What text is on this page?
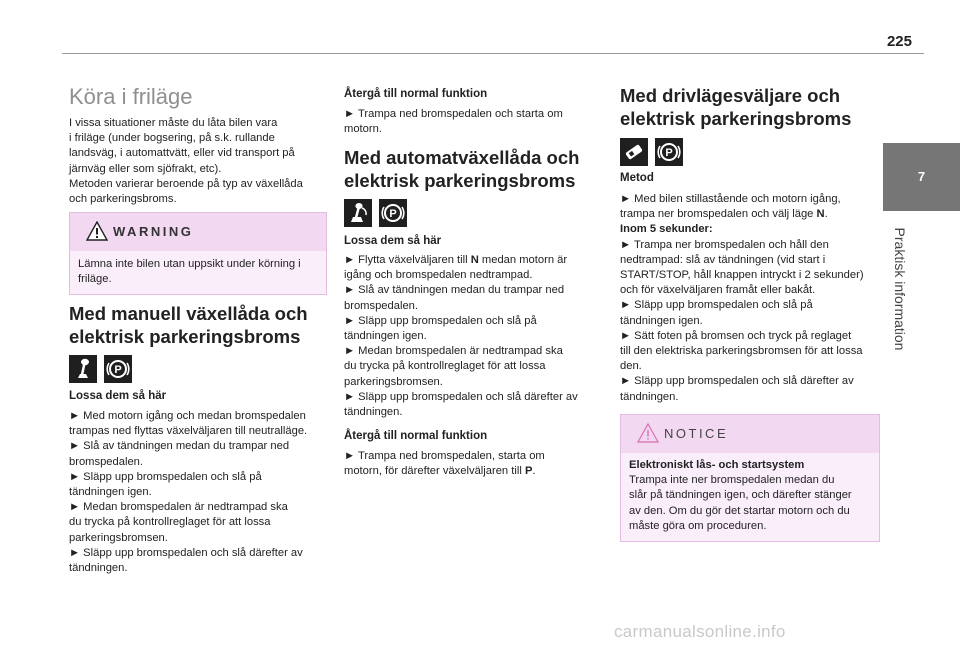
225
7
Praktisk information
Köra i friläge

I vissa situationer måste du låta bilen vara

i friläge (under bogsering, på s.k. rullande

landsväg, i automattvätt, eller vid transport på

järnväg eller som sjöfrakt, etc).

Metoden varierar beroende på typ av växellåda

och parkeringsbroms.

WARNING

Lämna inte bilen utan uppsikt under körning i

friläge.

Med manuell växellåda och
elektrisk parkeringsbroms
P
Lossa dem så här

► Med motorn igång och medan bromspedalen

trampas ned flyttas växelväljaren till neutralläge.

► Slå av tändningen medan du trampar ned

bromspedalen.

► Släpp upp bromspedalen och slå på

tändningen igen.

► Medan bromspedalen är nedtrampad ska

du trycka på kontrollreglaget för att lossa

parkeringsbromsen.

► Släpp upp bromspedalen och slå därefter av

tändningen.

Återgå till normal funktion

► Trampa ned bromspedalen och starta om

motorn.

Med automatväxellåda och
elektrisk parkeringsbroms
P
Lossa dem så här

► Flytta växelväljaren till N medan motorn är

igång och bromspedalen nedtrampad.

► Slå av tändningen medan du trampar ned

bromspedalen.

► Släpp upp bromspedalen och slå på

tändningen igen.

► Medan bromspedalen är nedtrampad ska

du trycka på kontrollreglaget för att lossa

parkeringsbromsen.

► Släpp upp bromspedalen och slå därefter av

tändningen.

Återgå till normal funktion

► Trampa ned bromspedalen, starta om

motorn, för därefter växelväljaren till P.

Med drivlägesväljare och
elektrisk parkeringsbroms
P
Metod

► Med bilen stillastående och motorn igång,

trampa ner bromspedalen och välj läge N.

Inom 5 sekunder:

► Trampa ner bromspedalen och håll den

nedtrampad: slå av tändningen (vid start i

START/STOP, håll knappen intryckt i 2 sekunder)

och för växelväljaren framåt eller bakåt.

► Släpp upp bromspedalen och slå på

tändningen igen.

► Sätt foten på bromsen och tryck på reglaget

till den elektriska parkeringsbromsen för att lossa

den.

► Släpp upp bromspedalen och slå därefter av

tändningen.

NOTICE

Elektroniskt lås- och startsystem

Trampa inte ner bromspedalen medan du

slår på tändningen igen, och därefter stänger

av den. Om du gör det startar motorn och du

måste göra om proceduren.

carmanualsonline.info
